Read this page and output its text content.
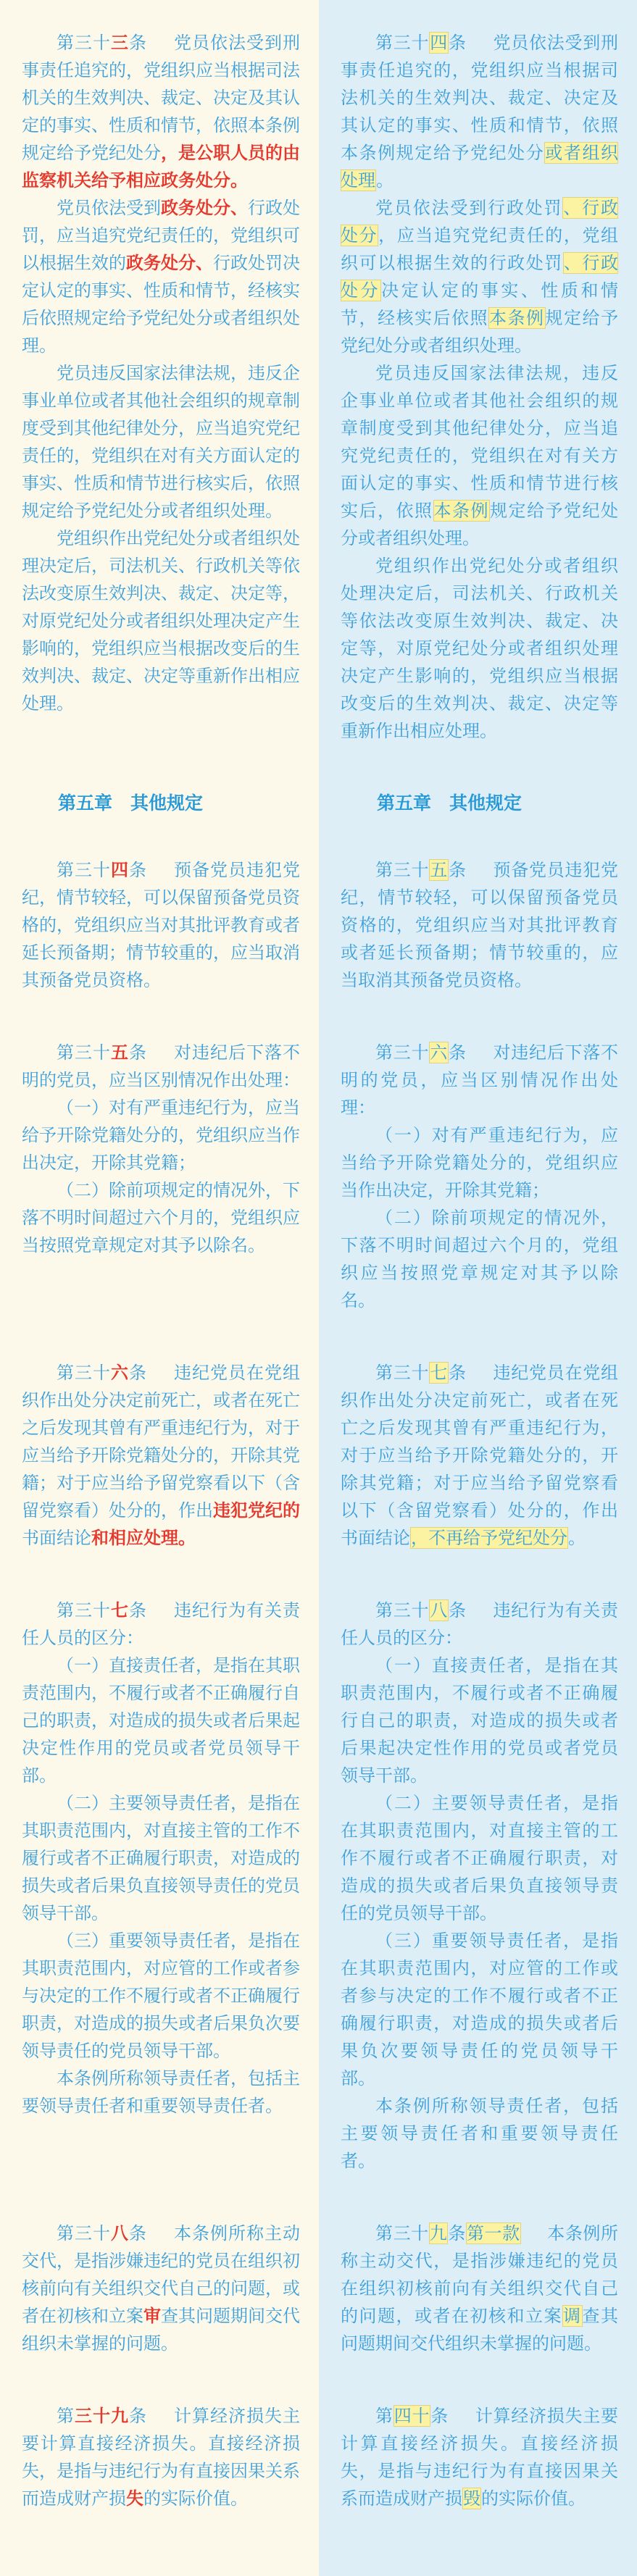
第三十三条 党员依法受到刑事责任追究的，党组织应当根据司法机关的生效判决、裁定、决定及其认定的事实、性质和情节，依照本条例规定给予党纪处分，是公职人员的由监察机关给予相应政务处分。

党员依法受到政务处分、行政处罚，应当追究党纪责任的，党组织可以根据生效的政务处分、行政处罚决定认定的事实、性质和情节，经核实后依照规定给予党纪处分或者组织处理。

党员违反国家法律法规，违反企事业单位或者其他社会组织的规章制度受到其他纪律处分，应当追究党纪责任的，党组织在对有关方面认定的事实、性质和情节进行核实后，依照规定给予党纪处分或者组织处理。

党组织作出党纪处分或者组织处理决定后，司法机关、行政机关等依法改变原生效判决、裁定、决定等，对原党纪处分或者组织处理决定产生影响的，党组织应当根据改变后的生效判决、裁定、决定等重新作出相应处理。

第三十四条 党员依法受到刑事责任追究的，党组织应当根据司法机关的生效判决、裁定、决定及其认定的事实、性质和情节，依照本条例规定给予党纪处分或者组织处理。

党员依法受到行政处罚、行政处分，应当追究党纪责任的，党组织可以根据生效的行政处罚、行政处分决定认定的事实、性质和情节，经核实后依照本条例规定给予党纪处分或者组织处理。

党员违反国家法律法规，违反企事业单位或者其他社会组织的规章制度受到其他纪律处分，应当追究党纪责任的，党组织在对有关方面认定的事实、性质和情节进行核实后，依照本条例规定给予党纪处分或者组织处理。

党组织作出党纪处分或者组织处理决定后，司法机关、行政机关等依法改变原生效判决、裁定、决定等，对原党纪处分或者组织处理决定产生影响的，党组织应当根据改变后的生效判决、裁定、决定等重新作出相应处理。

第五章　其他规定	第五章　其他规定

第三十四条 预备党员违犯党纪，情节较轻，可以保留预备党员资格的，党组织应当对其批评教育或者延长预备期；情节较重的，应当取消其预备党员资格。

第三十五条 预备党员违犯党纪，情节较轻，可以保留预备党员资格的，党组织应当对其批评教育或者延长预备期；情节较重的，应当取消其预备党员资格。

第三十五条 对违纪后下落不明的党员，应当区别情况作出处理：

（一）对有严重违纪行为，应当给予开除党籍处分的，党组织应当作出决定，开除其党籍；

（二）除前项规定的情况外，下落不明时间超过六个月的，党组织应当按照党章规定对其予以除名。

第三十六条 对违纪后下落不明的党员，应当区别情况作出处理：

（一）对有严重违纪行为，应当给予开除党籍处分的，党组织应当作出决定，开除其党籍；

（二）除前项规定的情况外，下落不明时间超过六个月的，党组织应当按照党章规定对其予以除名。

第三十六条 违纪党员在党组织作出处分决定前死亡，或者在死亡之后发现其曾有严重违纪行为，对于应当给予开除党籍处分的，开除其党籍；对于应当给予留党察看以下（含留党察看）处分的，作出违犯党纪的书面结论和相应处理。

第三十七条 违纪党员在党组织作出处分决定前死亡，或者在死亡之后发现其曾有严重违纪行为，对于应当给予开除党籍处分的，开除其党籍；对于应当给予留党察看以下（含留党察看）处分的，作出书面结论，不再给予党纪处分。

第三十七条 违纪行为有关责任人员的区分：

（一）直接责任者，是指在其职责范围内，不履行或者不正确履行自己的职责，对造成的损失或者后果起决定性作用的党员或者党员领导干部。

（二）主要领导责任者，是指在其职责范围内，对直接主管的工作不履行或者不正确履行职责，对造成的损失或者后果负直接领导责任的党员领导干部。

（三）重要领导责任者，是指在其职责范围内，对应管的工作或者参与决定的工作不履行或者不正确履行职责，对造成的损失或者后果负次要领导责任的党员领导干部。

本条例所称领导责任者，包括主要领导责任者和重要领导责任者。

第三十八条 违纪行为有关责任人员的区分：

（一）直接责任者，是指在其职责范围内，不履行或者不正确履行自己的职责，对造成的损失或者后果起决定性作用的党员或者党员领导干部。

（二）主要领导责任者，是指在其职责范围内，对直接主管的工作不履行或者不正确履行职责，对造成的损失或者后果负直接领导责任的党员领导干部。

（三）重要领导责任者，是指在其职责范围内，对应管的工作或者参与决定的工作不履行或者不正确履行职责，对造成的损失或者后果负次要领导责任的党员领导干部。

本条例所称领导责任者，包括主要领导责任者和重要领导责任者。

第三十八条 本条例所称主动交代，是指涉嫌违纪的党员在组织初核前向有关组织交代自己的问题，或者在初核和立案审查其问题期间交代组织未掌握的问题。

第三十九条第一款 本条例所称主动交代，是指涉嫌违纪的党员在组织初核前向有关组织交代自己的问题，或者在初核和立案调查其问题期间交代组织未掌握的问题。

第三十九条 计算经济损失主要计算直接经济损失。直接经济损失，是指与违纪行为有直接因果关系而造成财产损失的实际价值。

第四十条 计算经济损失主要计算直接经济损失。直接经济损失，是指与违纪行为有直接因果关系而造成财产损毁的实际价值。
